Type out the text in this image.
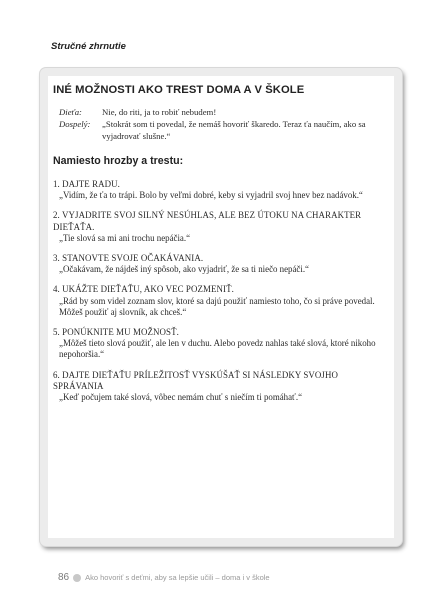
Stručné zhrnutie
INÉ MOŽNOSTI AKO TREST DOMA A V ŠKOLE
Dieťa:	Nie, do riti, ja to robiť nebudem!
Dospelý:	„Stokrát som ti povedal, že nemáš hovoriť škaredo. Teraz ťa naučím, ako sa vyjadrovať slušne.“
Namiesto hrozby a trestu:
1. DAJTE RADU.
„Vidím, že ťa to trápi. Bolo by veľmi dobré, keby si vyjadril svoj hnev bez nadávok.“
2. VYJADRITE SVOJ SILNÝ NESÚHLAS, ALE BEZ ÚTOKU NA CHARAKTER DIEŤAŤA.
„Tie slová sa mi ani trochu nepáčia.“
3. STANOVTE SVOJE OČAKÁVANIA.
„Očakávam, že nájdeš iný spôsob, ako vyjadriť, že sa ti niečo nepáči.“
4. UKÁŽTE DIEŤAŤU, AKO VEC POZMENIŤ.
„Rád by som videl zoznam slov, ktoré sa dajú použiť namiesto toho, čo si práve povedal. Môžeš použiť aj slovník, ak chceš.“
5. PONÚKNITE MU MOŽNOSŤ.
„Môžeš tieto slová použiť, ale len v duchu. Alebo povedz nahlas také slová, ktoré nikoho nepohoršia.“
6. DAJTE DIEŤAŤU PRÍLEŽITOSŤ VYSKÚŠAŤ SI NÁSLEDKY SVOJHO SPRÁVANIA
„Keď počujem také slová, vôbec nemám chuť s niečím ti pomáhať.“
86 Ako hovoriť s deťmi, aby sa lepšie učili – doma i v škole
